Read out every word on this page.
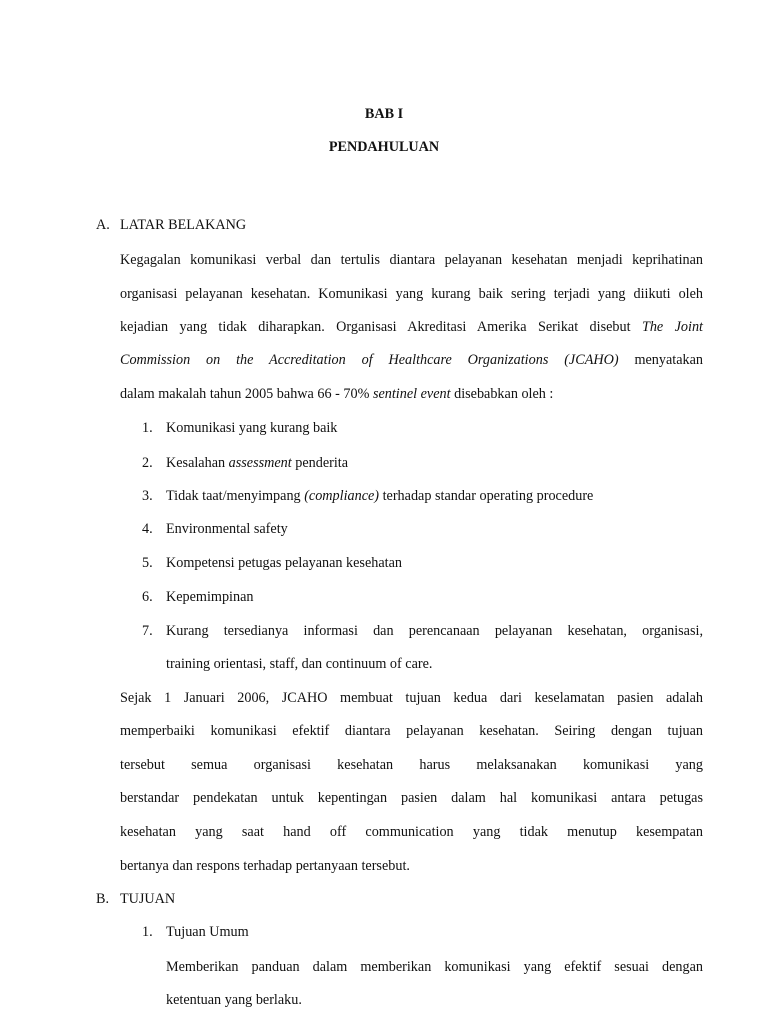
BAB I
PENDAHULUAN
A. LATAR BELAKANG
Kegagalan komunikasi verbal dan tertulis diantara pelayanan kesehatan menjadi keprihatinan
organisasi pelayanan kesehatan. Komunikasi yang kurang baik sering terjadi yang diikuti oleh
kejadian yang tidak diharapkan. Organisasi Akreditasi Amerika Serikat disebut The Joint
Commission on the Accreditation of Healthcare Organizations (JCAHO) menyatakan
dalam makalah tahun 2005 bahwa 66 - 70% sentinel event disebabkan oleh :
1. Komunikasi yang kurang baik
2. Kesalahan assessment penderita
3. Tidak taat/menyimpang (compliance) terhadap standar operating procedure
4. Environmental safety
5. Kompetensi petugas pelayanan kesehatan
6. Kepemimpinan
7. Kurang tersedianya informasi dan perencanaan pelayanan kesehatan, organisasi,
training orientasi, staff, dan continuum of care.
Sejak 1 Januari 2006, JCAHO membuat tujuan kedua dari keselamatan pasien adalah
memperbaiki komunikasi efektif diantara pelayanan kesehatan. Seiring dengan tujuan
tersebut semua organisasi kesehatan harus melaksanakan komunikasi yang
berstandar pendekatan untuk kepentingan pasien dalam hal komunikasi antara petugas
kesehatan yang saat hand off communication yang tidak menutup kesempatan
bertanya dan respons terhadap pertanyaan tersebut.
B. TUJUAN
1. Tujuan Umum
Memberikan panduan dalam memberikan komunikasi yang efektif sesuai dengan
ketentuan yang berlaku.
